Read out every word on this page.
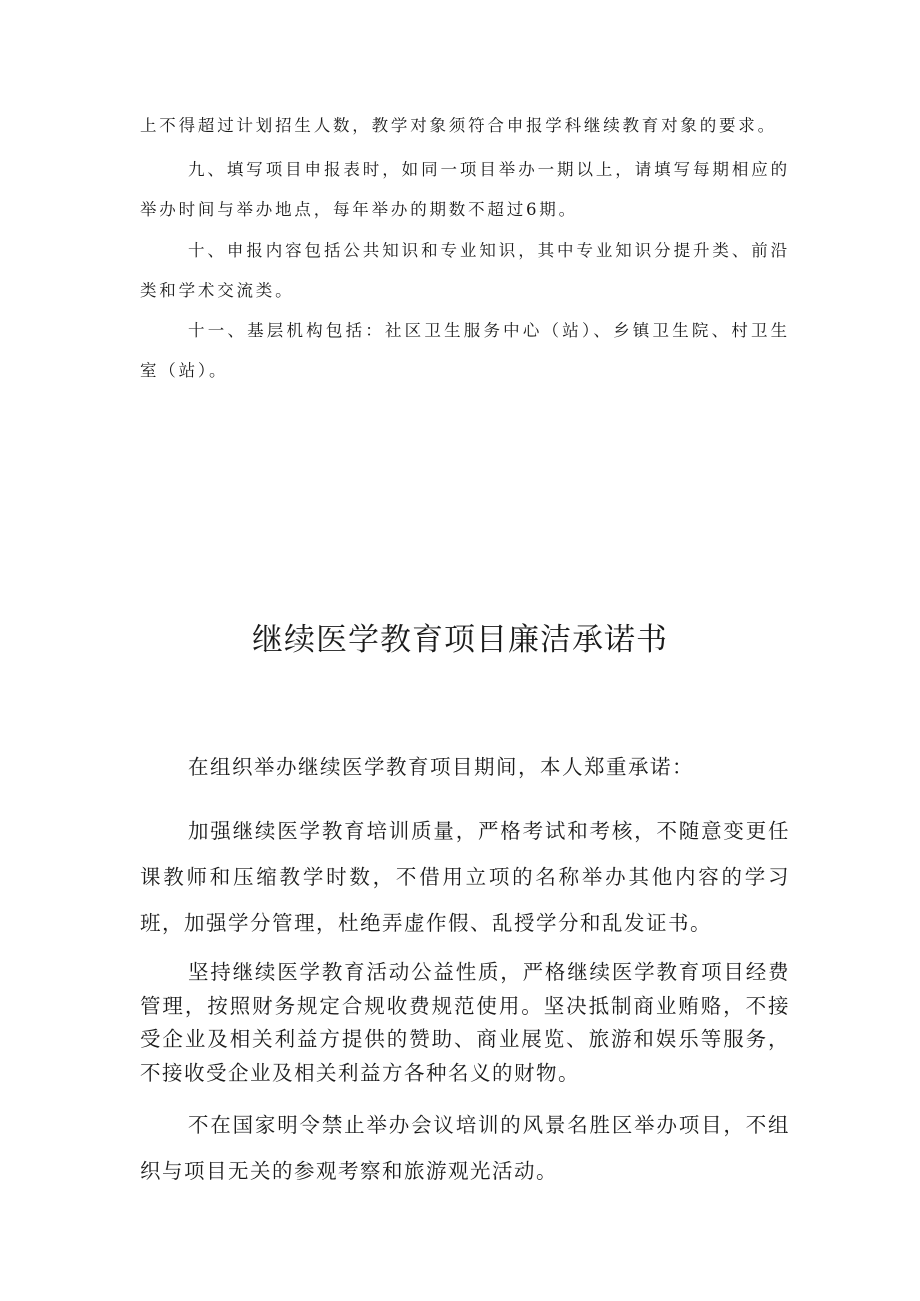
上不得超过计划招生人数，教学对象须符合申报学科继续教育对象的要求。

九、填写项目申报表时，如同一项目举办一期以上，请填写每期相应的举办时间与举办地点，每年举办的期数不超过6期。

十、申报内容包括公共知识和专业知识，其中专业知识分提升类、前沿类和学术交流类。

十一、基层机构包括：社区卫生服务中心（站）、乡镇卫生院、村卫生室（站）。

继续医学教育项目廉洁承诺书

在组织举办继续医学教育项目期间，本人郑重承诺：

加强继续医学教育培训质量，严格考试和考核，不随意变更任课教师和压缩教学时数，不借用立项的名称举办其他内容的学习班，加强学分管理，杜绝弄虚作假、乱授学分和乱发证书。

坚持继续医学教育活动公益性质，严格继续医学教育项目经费管理，按照财务规定合规收费规范使用。坚决抵制商业贿赂，不接受企业及相关利益方提供的赞助、商业展览、旅游和娱乐等服务，不接收受企业及相关利益方各种名义的财物。

不在国家明令禁止举办会议培训的风景名胜区举办项目，不组织与项目无关的参观考察和旅游观光活动。
